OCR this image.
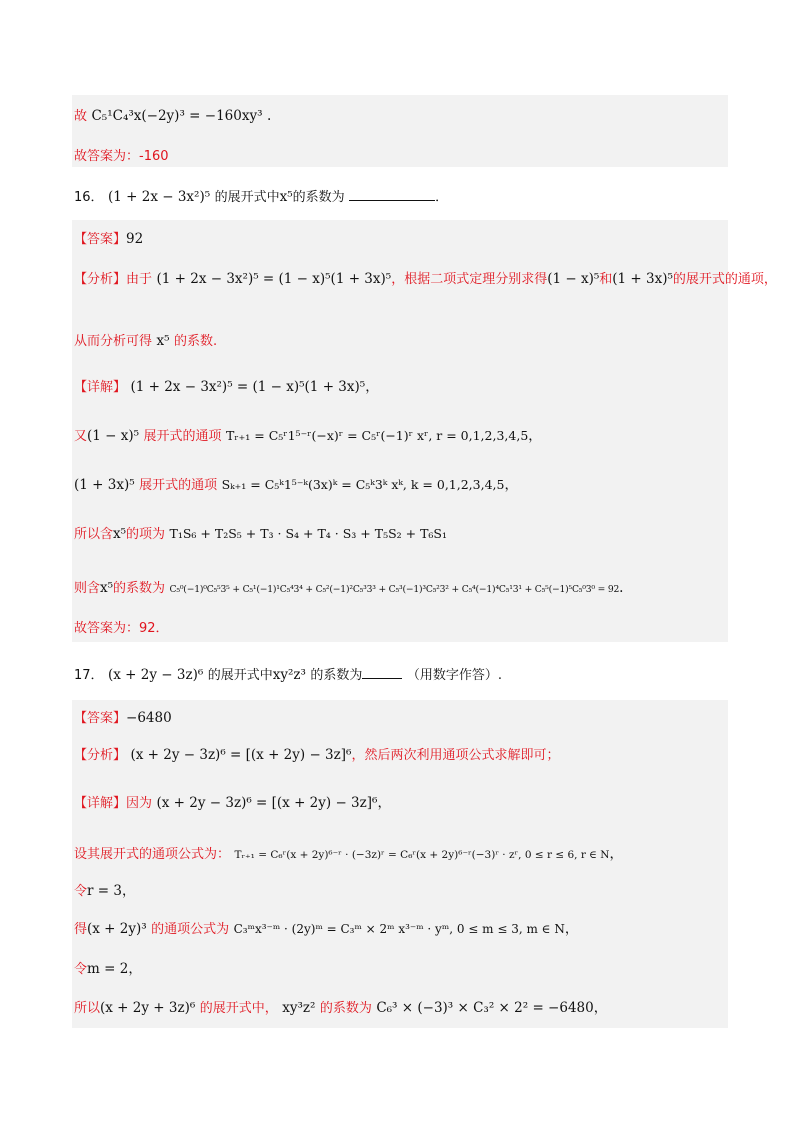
故 C₅¹C₄³x(−2y)³ = −160xy³ .
故答案为：-160
16． (1 + 2x − 3x²)⁵ 的展开式中x⁵的系数为	．
【答案】92
【分析】由于 (1 + 2x − 3x²)⁵ = (1 − x)⁵(1 + 3x)⁵，根据二项式定理分别求得(1 − x)⁵和(1 + 3x)⁵的展开式的通项，
从而分析可得 x⁵ 的系数.
【详解】 (1 + 2x − 3x²)⁵ = (1 − x)⁵(1 + 3x)⁵，
又(1 − x)⁵ 展开式的通项 Tᵣ₊₁ = C₅ʳ1⁵⁻ʳ(−x)ʳ = C₅ʳ(−1)ʳ xʳ, r = 0,1,2,3,4,5，
(1 + 3x)⁵ 展开式的通项 Sₖ₊₁ = C₅ᵏ1⁵⁻ᵏ(3x)ᵏ = C₅ᵏ3ᵏ xᵏ, k = 0,1,2,3,4,5，
所以含x⁵的项为 T₁S₆ + T₂S₅ + T₃ · S₄ + T₄ · S₃ + T₅S₂ + T₆S₁
则含x⁵的系数为 C₅⁰(−1)⁰C₅⁵3⁵ + C₅¹(−1)¹C₅⁴3⁴ + C₅²(−1)²C₅³3³ + C₅³(−1)³C₅²3² + C₅⁴(−1)⁴C₅¹3¹ + C₅⁵(−1)⁵C₅⁰3⁰ = 92.
故答案为：92．
17． (x + 2y − 3z)⁶ 的展开式中xy²z³ 的系数为	（用数字作答）.
【答案】−6480
【分析】 (x + 2y − 3z)⁶ = [(x + 2y) − 3z]⁶，然后两次利用通项公式求解即可；
【详解】因为 (x + 2y − 3z)⁶ = [(x + 2y) − 3z]⁶，
设其展开式的通项公式为： Tᵣ₊₁ = C₆ʳ(x + 2y)⁶⁻ʳ · (−3z)ʳ = C₆ʳ(x + 2y)⁶⁻ʳ(−3)ʳ · zʳ, 0 ≤ r ≤ 6, r ∈ N，
令r = 3，
得(x + 2y)³ 的通项公式为 C₃ᵐx³⁻ᵐ · (2y)ᵐ = C₃ᵐ × 2ᵐ x³⁻ᵐ · yᵐ, 0 ≤ m ≤ 3, m ∈ N，
令m = 2，
所以(x + 2y + 3z)⁶ 的展开式中， xy³z² 的系数为 C₆³ × (−3)³ × C₃² × 2² = −6480，
